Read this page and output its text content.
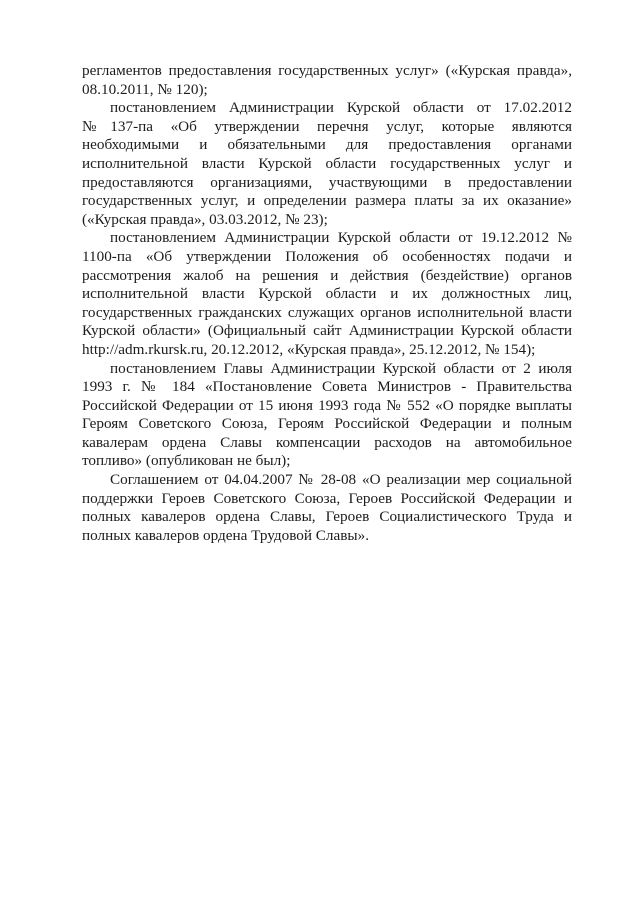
регламентов предоставления государственных услуг» («Курская правда», 08.10.2011, № 120);

постановлением Администрации Курской области от 17.02.2012 №137-па «Об утверждении перечня услуг, которые являются необходимыми и обязательными для предоставления органами исполнительной власти Курской области государственных услуг и предоставляются организациями, участвующими в предоставлении государственных услуг, и определении размера платы за их оказание» («Курская правда», 03.03.2012, № 23);

постановлением Администрации Курской области от 19.12.2012 № 1100-па «Об утверждении Положения об особенностях подачи и рассмотрения жалоб на решения и действия (бездействие) органов исполнительной власти Курской области и их должностных лиц, государственных гражданских служащих органов исполнительной власти Курской области» (Официальный сайт Администрации Курской области http://adm.rkursk.ru, 20.12.2012, «Курская правда», 25.12.2012, № 154);

постановлением Главы Администрации Курской области от 2 июля 1993 г. № 184 «Постановление Совета Министров - Правительства Российской Федерации от 15 июня 1993 года № 552 «О порядке выплаты Героям Советского Союза, Героям Российской Федерации и полным кавалерам ордена Славы компенсации расходов на автомобильное топливо» (опубликован не был);

Соглашением от 04.04.2007 № 28-08 «О реализации мер социальной поддержки Героев Советского Союза, Героев Российской Федерации и полных кавалеров ордена Славы, Героев Социалистического Труда и полных кавалеров ордена Трудовой Славы».
